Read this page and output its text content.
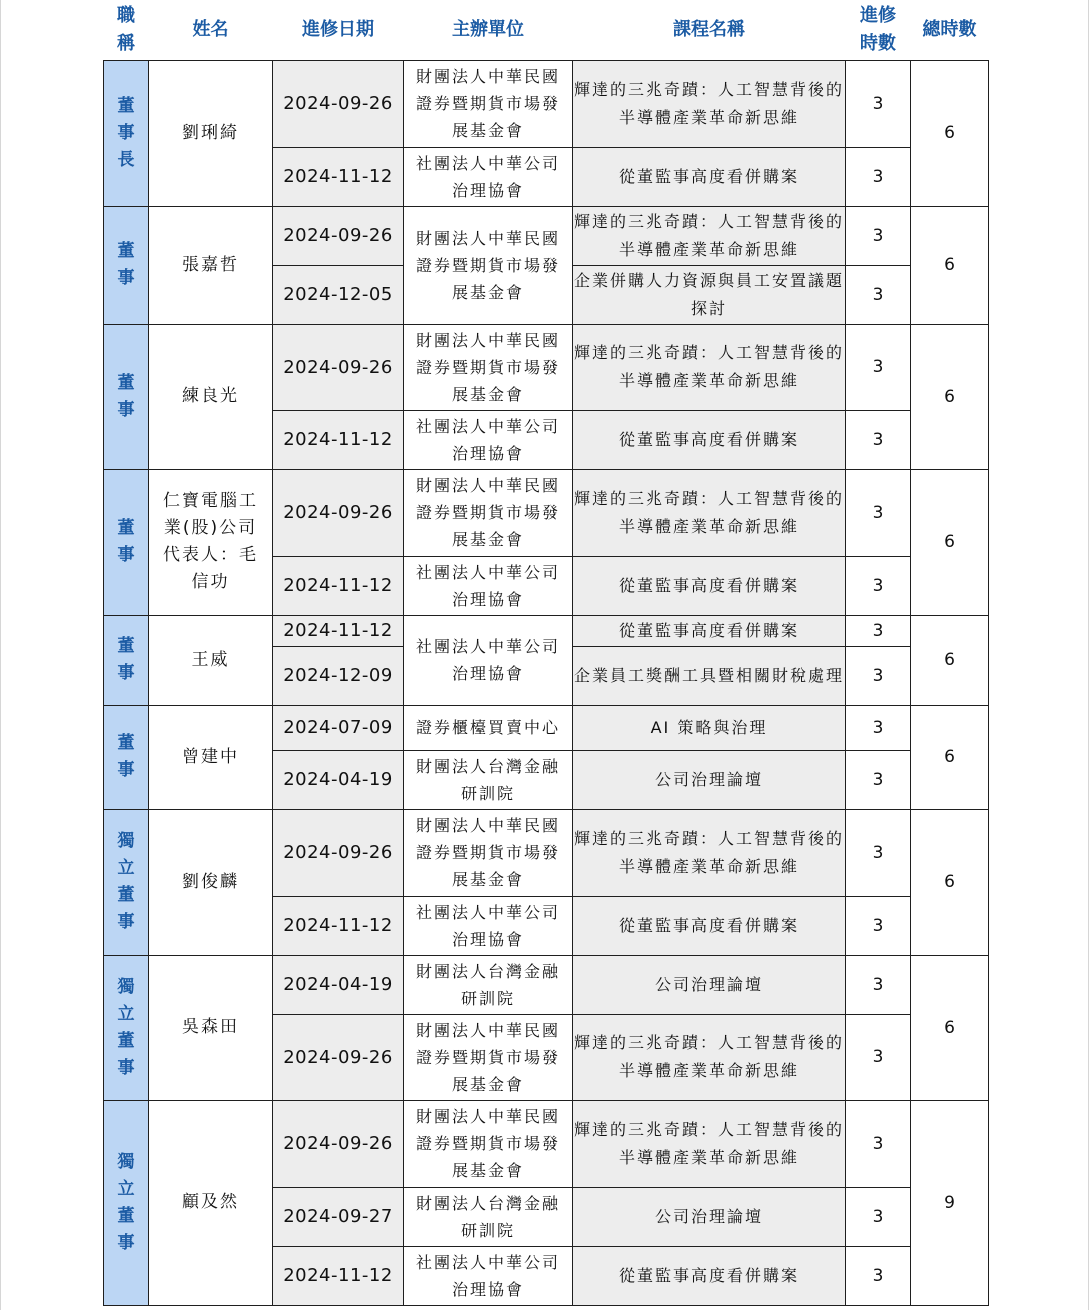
職稱	姓名	進修日期	主辦單位	課程名稱	進修時數	總時數
董事長	劉琍綺	2024-09-26	財團法人中華民國證券暨期貨市場發展基金會	輝達的三兆奇蹟：人工智慧背後的半導體產業革命新思維	3	6
		2024-11-12	社團法人中華公司治理協會	從董監事高度看併購案	3	
董事	張嘉哲	2024-09-26	財團法人中華民國證券暨期貨市場發展基金會	輝達的三兆奇蹟：人工智慧背後的半導體產業革命新思維	3	6
		2024-12-05		企業併購人力資源與員工安置議題探討	3	
董事	練良光	2024-09-26	財團法人中華民國證券暨期貨市場發展基金會	輝達的三兆奇蹟：人工智慧背後的半導體產業革命新思維	3	6
		2024-11-12	社團法人中華公司治理協會	從董監事高度看併購案	3	
董事	仁寶電腦工業(股)公司代表人：毛信功	2024-09-26	財團法人中華民國證券暨期貨市場發展基金會	輝達的三兆奇蹟：人工智慧背後的半導體產業革命新思維	3	6
		2024-11-12	社團法人中華公司治理協會	從董監事高度看併購案	3	
董事	王威	2024-11-12	社團法人中華公司治理協會	從董監事高度看併購案	3	6
		2024-12-09		企業員工獎酬工具暨相關財稅處理	3	
董事	曾建中	2024-07-09	證券櫃檯買賣中心	AI 策略與治理	3	6
		2024-04-19	財團法人台灣金融研訓院	公司治理論壇	3	
獨立董事	劉俊麟	2024-09-26	財團法人中華民國證券暨期貨市場發展基金會	輝達的三兆奇蹟：人工智慧背後的半導體產業革命新思維	3	6
		2024-11-12	社團法人中華公司治理協會	從董監事高度看併購案	3	
獨立董事	吳森田	2024-04-19	財團法人台灣金融研訓院	公司治理論壇	3	6
		2024-09-26	財團法人中華民國證券暨期貨市場發展基金會	輝達的三兆奇蹟：人工智慧背後的半導體產業革命新思維	3	
獨立董事	顧及然	2024-09-26	財團法人中華民國證券暨期貨市場發展基金會	輝達的三兆奇蹟：人工智慧背後的半導體產業革命新思維	3	9
		2024-09-27	財團法人台灣金融研訓院	公司治理論壇	3	
		2024-11-12	社團法人中華公司治理協會	從董監事高度看併購案	3	
